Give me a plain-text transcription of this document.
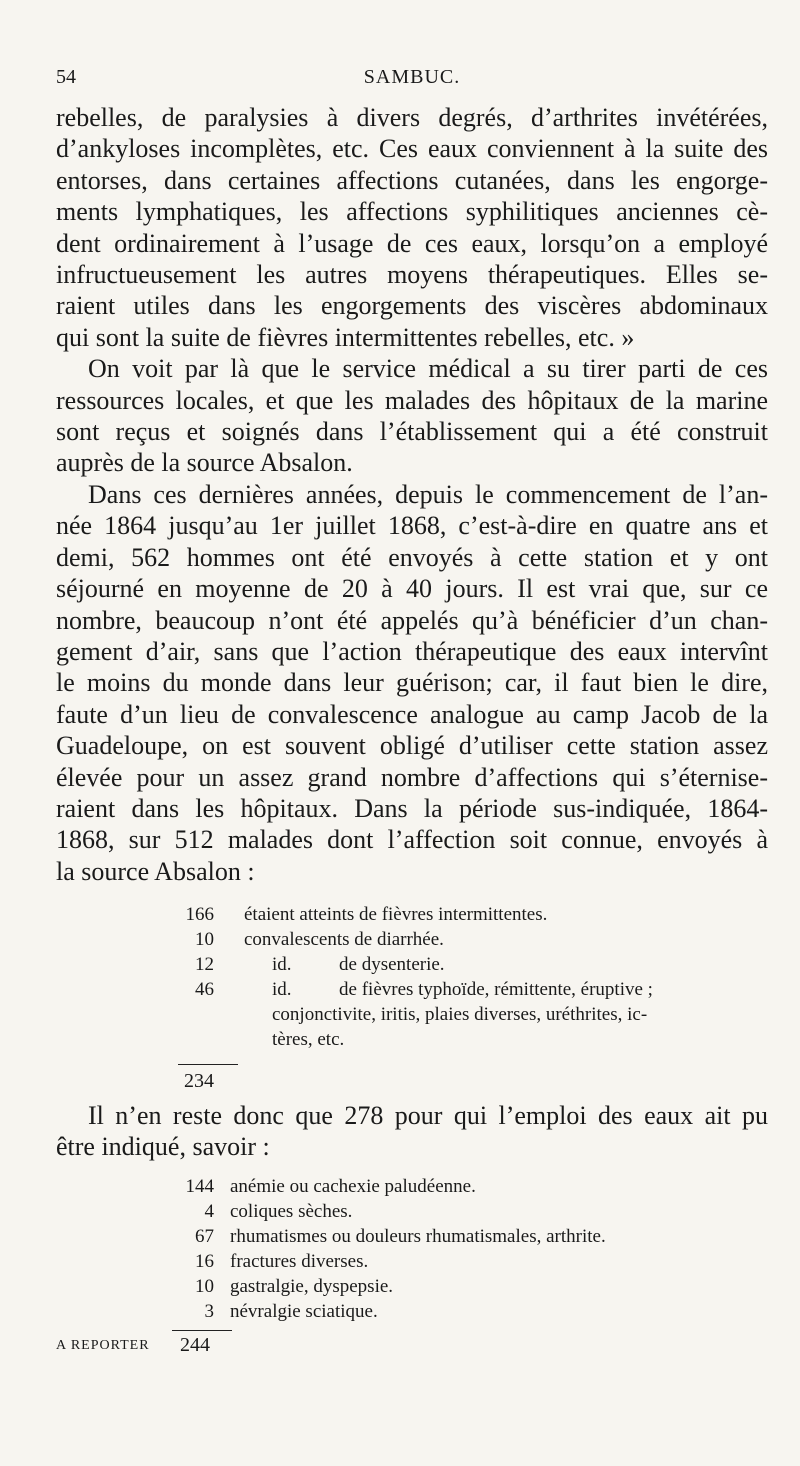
54	SAMBUC.

rebelles, de paralysies à divers degrés, d’arthrites invétérées,
d’ankyloses incomplètes, etc. Ces eaux conviennent à la suite des
entorses, dans certaines affections cutanées, dans les engorge-
ments lymphatiques, les affections syphilitiques anciennes cè-
dent ordinairement à l’usage de ces eaux, lorsqu’on a employé
infructueusement les autres moyens thérapeutiques. Elles se-
raient utiles dans les engorgements des viscères abdominaux
qui sont la suite de fièvres intermittentes rebelles, etc. »

On voit par là que le service médical a su tirer parti de ces
ressources locales, et que les malades des hôpitaux de la marine
sont reçus et soignés dans l’établissement qui a été construit
auprès de la source Absalon.

Dans ces dernières années, depuis le commencement de l’an-
née 1864 jusqu’au 1er juillet 1868, c’est-à-dire en quatre ans et
demi, 562 hommes ont été envoyés à cette station et y ont
séjourné en moyenne de 20 à 40 jours. Il est vrai que, sur ce
nombre, beaucoup n’ont été appelés qu’à bénéficier d’un chan-
gement d’air, sans que l’action thérapeutique des eaux intervînt
le moins du monde dans leur guérison; car, il faut bien le dire,
faute d’un lieu de convalescence analogue au camp Jacob de la
Guadeloupe, on est souvent obligé d’utiliser cette station assez
élevée pour un assez grand nombre d’affections qui s’éternise-
raient dans les hôpitaux. Dans la période sus-indiquée, 1864-
1868, sur 512 malades dont l’affection soit connue, envoyés à
la source Absalon :

166 étaient atteints de fièvres intermittentes.
10 convalescents de diarrhée.
12	id.          de dysenterie.
46	id.          de fièvres typhoïde, rémittente, éruptive ;
conjonctivite, iritis, plaies diverses, uréthrites, ic-
tères, etc.
234

Il n’en reste donc que 278 pour qui l’emploi des eaux ait pu
être indiqué, savoir :

144 anémie ou cachexie paludéenne.
4 coliques sèches.
67 rhumatismes ou douleurs rhumatismales, arthrite.
16 fractures diverses.
10 gastralgie, dyspepsie.
3 névralgie sciatique.
A REPORTER 244
